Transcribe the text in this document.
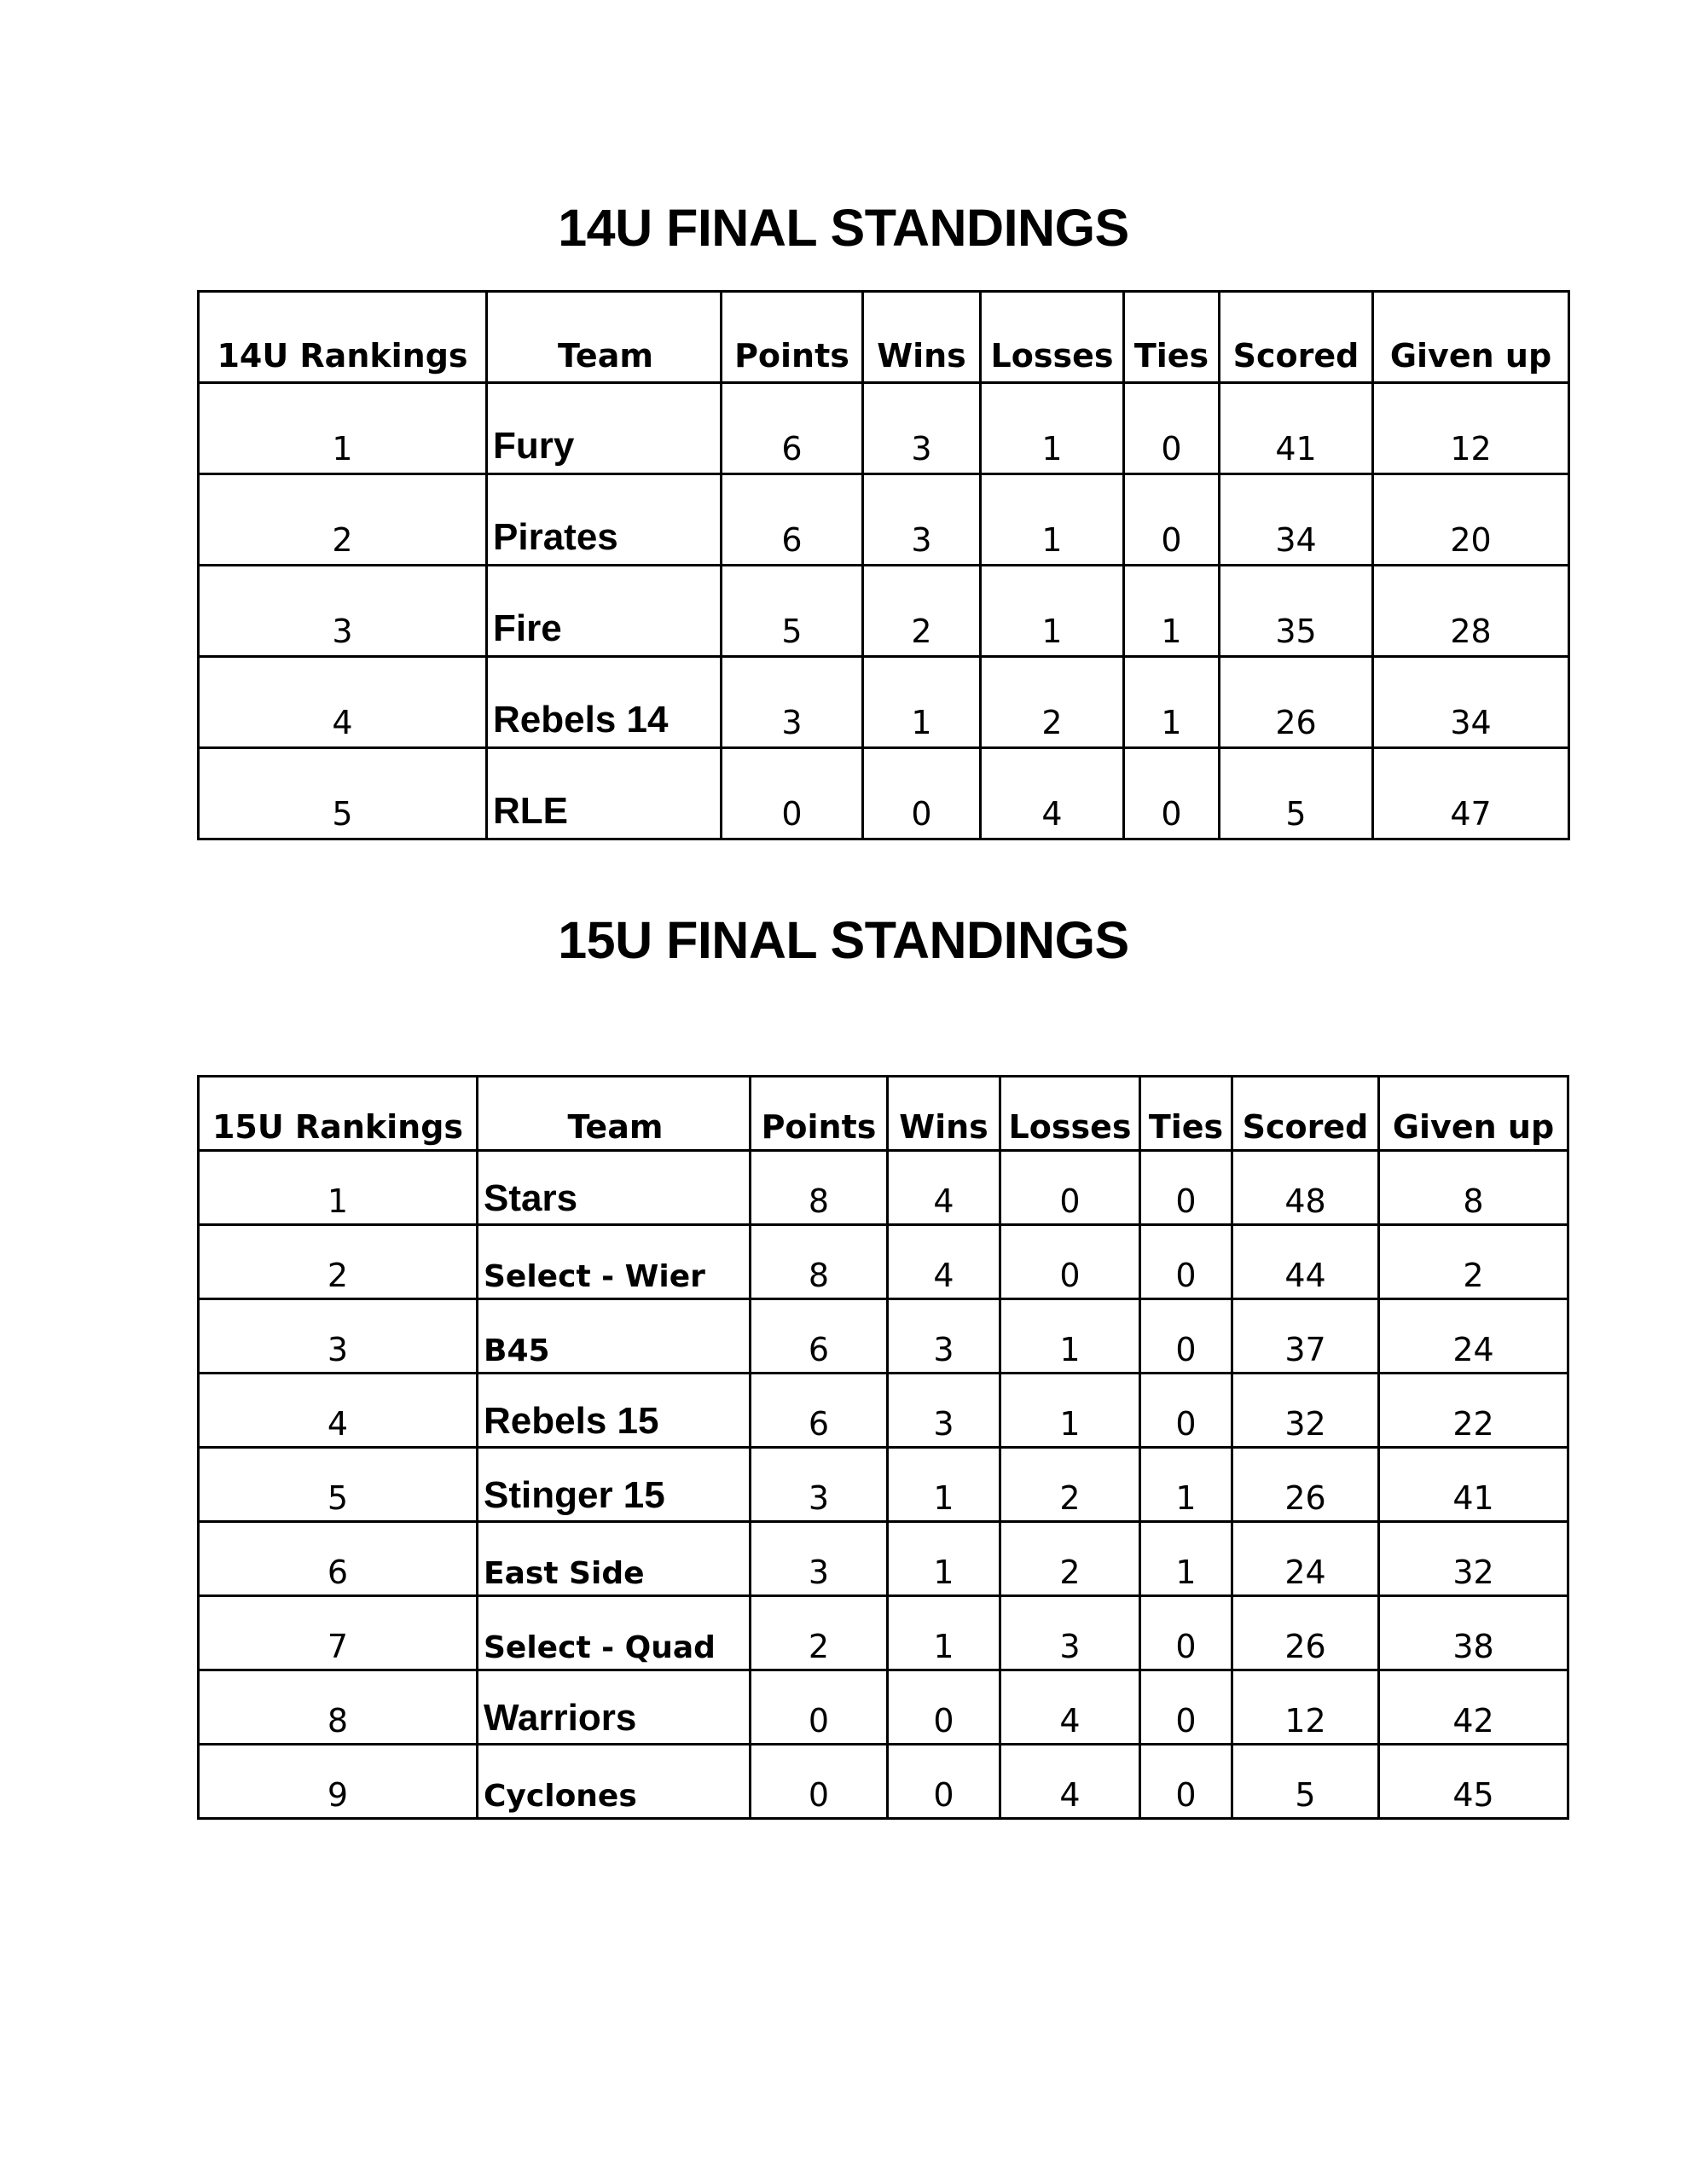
14U FINAL STANDINGS
14U Rankings	Team	Points	Wins	Losses	Ties	Scored	Given up
1	Fury	6	3	1	0	41	12
2	Pirates	6	3	1	0	34	20
3	Fire	5	2	1	1	35	28
4	Rebels 14	3	1	2	1	26	34
5	RLE	0	0	4	0	5	47
15U FINAL STANDINGS
15U Rankings	Team	Points	Wins	Losses	Ties	Scored	Given up
1	Stars	8	4	0	0	48	8
2	Select - Wier	8	4	0	0	44	2
3	B45	6	3	1	0	37	24
4	Rebels 15	6	3	1	0	32	22
5	Stinger 15	3	1	2	1	26	41
6	East Side	3	1	2	1	24	32
7	Select - Quad	2	1	3	0	26	38
8	Warriors	0	0	4	0	12	42
9	Cyclones	0	0	4	0	5	45
